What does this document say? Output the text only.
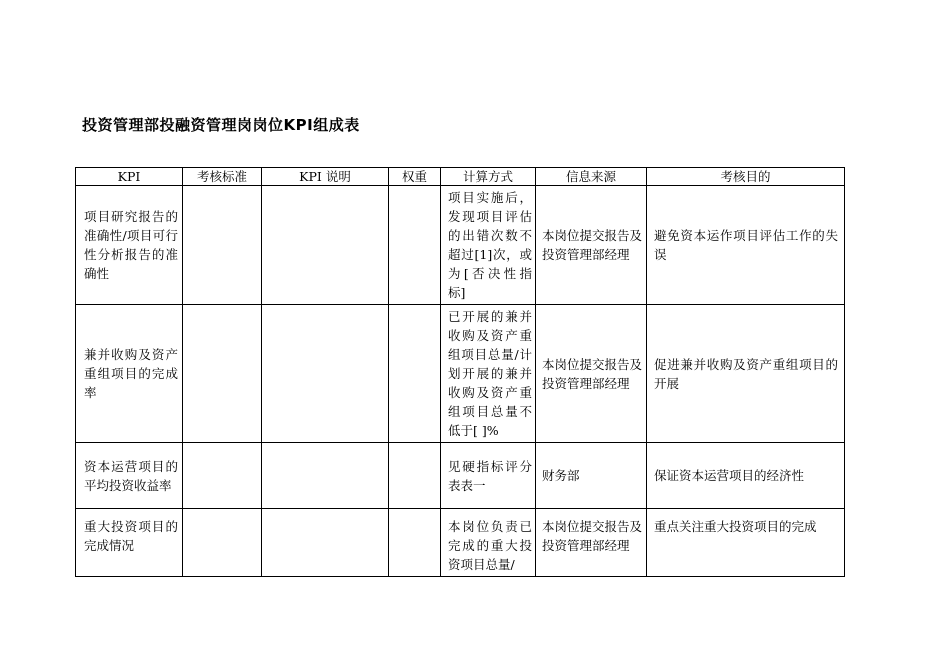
投资管理部投融资管理岗岗位KPI组成表
KPI	考核标准	KPI 说明	权重	计算方式	信息来源	考核目的

项目研究报告的准确性/项目可行性分析报告的准确性				项目实施后，发现项目评估的出错次数不超过[1]次，或为[否决性指标]	本岗位提交报告及投资管理部经理	避免资本运作项目评估工作的失误

兼并收购及资产重组项目的完成率				已开展的兼并收购及资产重组项目总量/计划开展的兼并收购及资产重组项目总量不低于[ ]%	本岗位提交报告及投资管理部经理	促进兼并收购及资产重组项目的开展

资本运营项目的平均投资收益率				见硬指标评分表表一	财务部	保证资本运营项目的经济性

重大投资项目的完成情况				本岗位负责已完成的重大投资项目总量/	本岗位提交报告及投资管理部经理	重点关注重大投资项目的完成
